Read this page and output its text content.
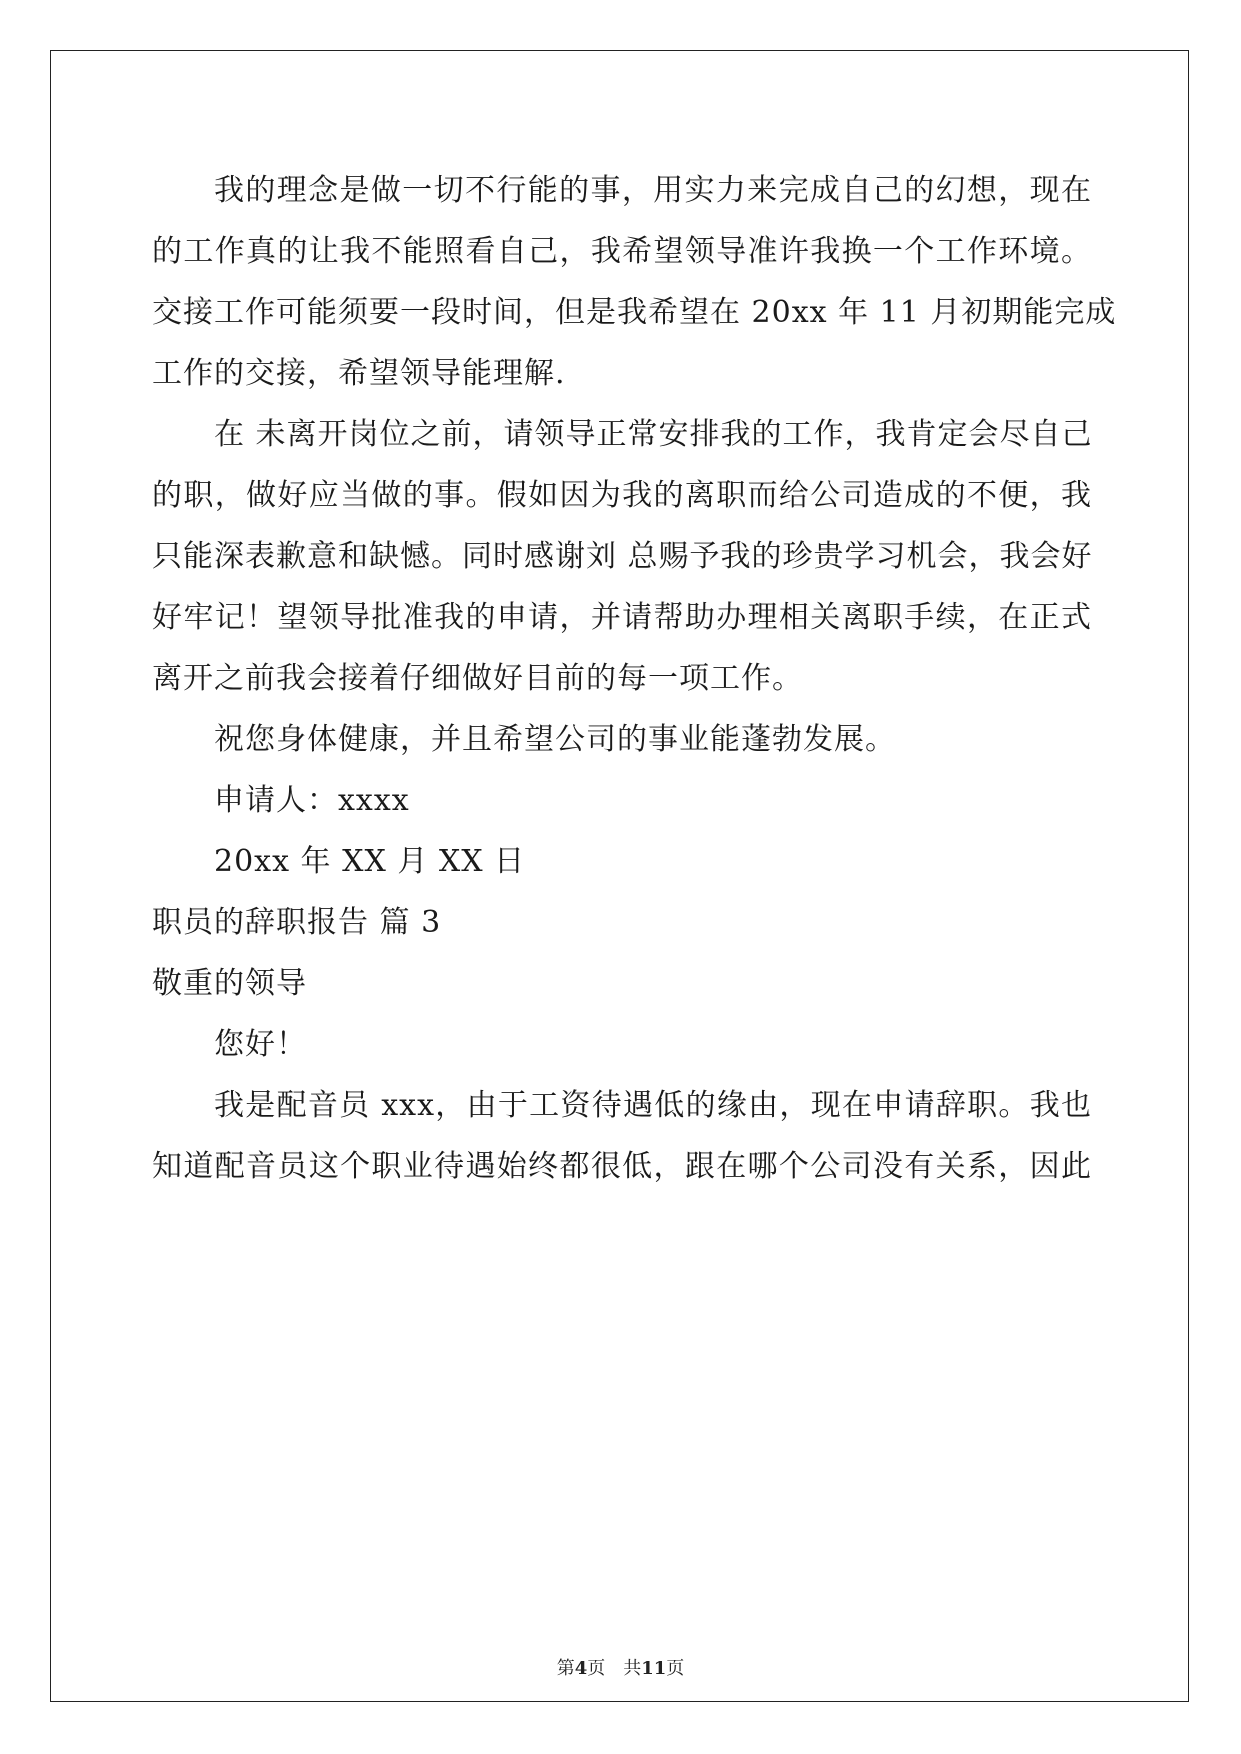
我的理念是做一切不行能的事，用实力来完成自己的幻想，现在
的工作真的让我不能照看自己，我希望领导准许我换一个工作环境。
交接工作可能须要一段时间，但是我希望在 20xx 年 11 月初期能完成
工作的交接，希望领导能理解.
在 未离开岗位之前，请领导正常安排我的工作，我肯定会尽自己
的职，做好应当做的事。假如因为我的离职而给公司造成的不便，我
只能深表歉意和缺憾。同时感谢刘 总赐予我的珍贵学习机会，我会好
好牢记！望领导批准我的申请，并请帮助办理相关离职手续，在正式
离开之前我会接着仔细做好目前的每一项工作。
祝您身体健康，并且希望公司的事业能蓬勃发展。
申请人：xxxx
20xx 年 XX 月 XX 日
职员的辞职报告 篇 3
敬重的领导
您好！
我是配音员 xxx，由于工资待遇低的缘由，现在申请辞职。我也
知道配音员这个职业待遇始终都很低，跟在哪个公司没有关系，因此
第4页　共11页
